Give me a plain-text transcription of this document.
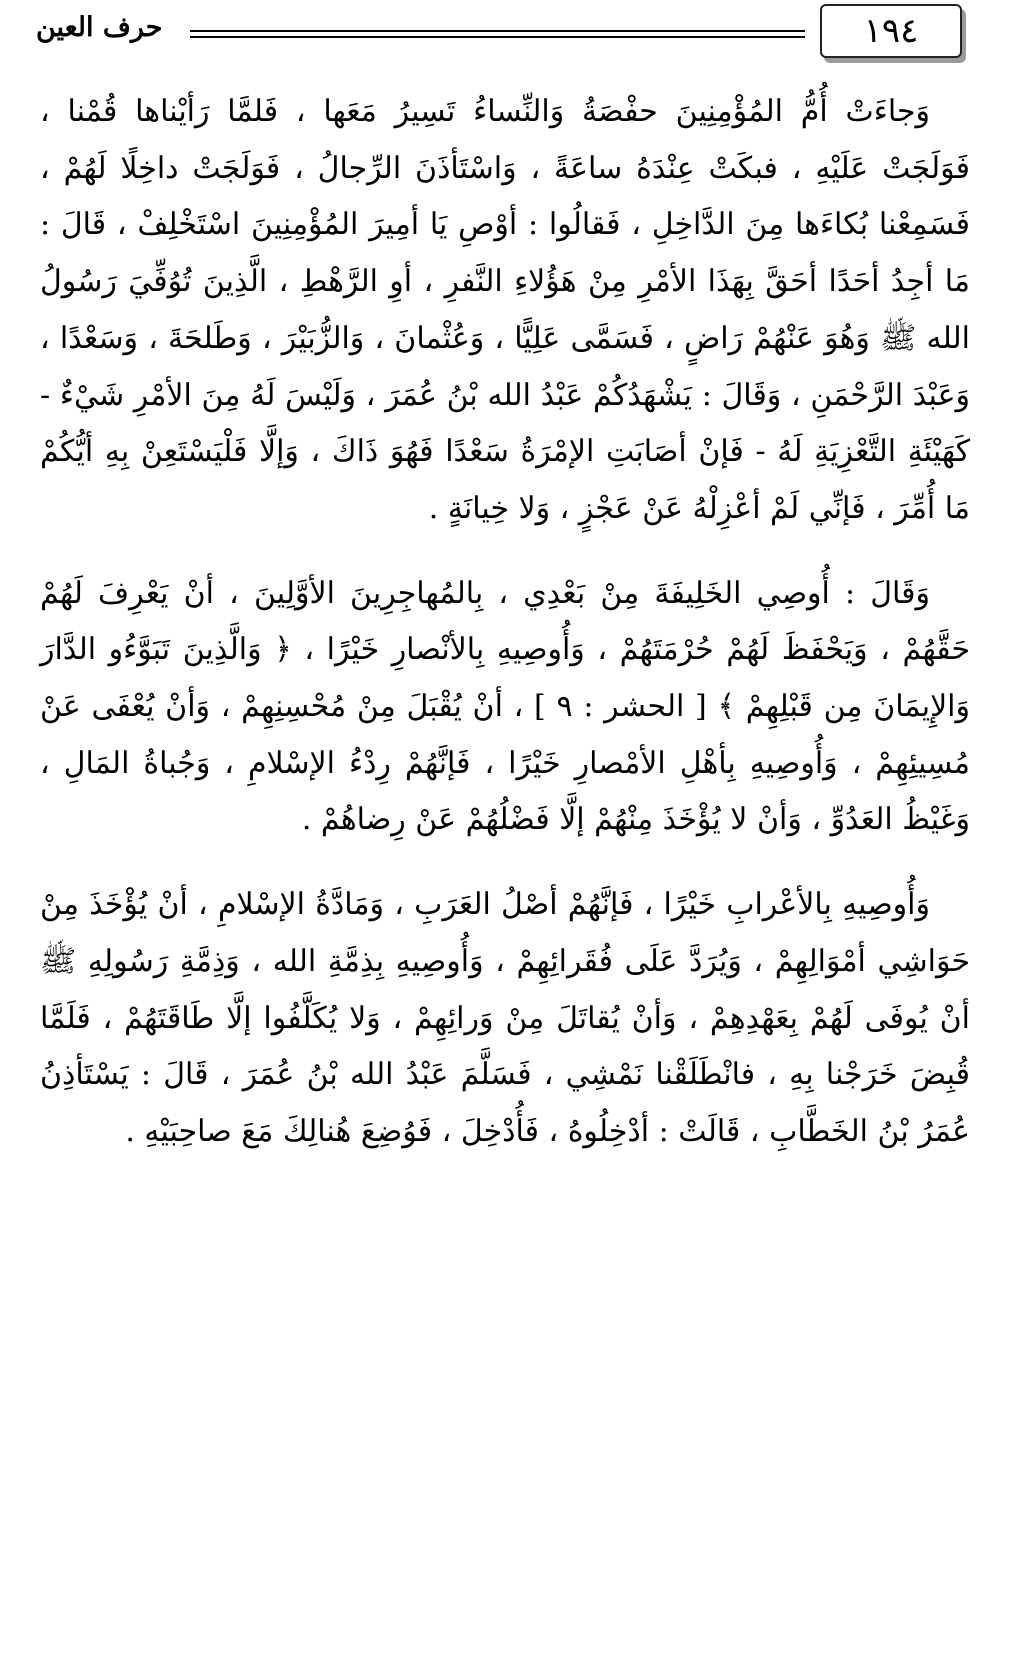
١٩٤
حرف العين

وَجاءَتْ أُمُّ المُؤْمِنِينَ حفْصَةُ وَالنِّساءُ تَسِيرُ مَعَها ، فَلمَّا رَأيْناها قُمْنا ، فَوَلَجَتْ عَلَيْهِ ، فبكَتْ عِنْدَهُ ساعَةً ، وَاسْتَأذَنَ الرِّجالُ ، فَوَلَجَتْ داخِلًا لَهُمْ ، فَسَمِعْنا بُكاءَها مِنَ الدَّاخِلِ ، فَقالُوا : أوْصِ يَا أمِيرَ المُؤْمِنِينَ اسْتَخْلِفْ ، قَالَ : مَا أجِدُ أحَدًا أحَقَّ بِهَذَا الأمْرِ مِنْ هَؤُلاءِ النَّفرِ ، أوِ الرَّهْطِ ، الَّذِينَ تُوُفِّيَ رَسُولُ الله ﷺ وَهُوَ عَنْهُمْ رَاضٍ ، فَسَمَّى عَلِيًّا ، وَعُثْمانَ ، وَالزُّبَيْرَ ، وَطَلحَةَ ، وَسَعْدًا ، وَعَبْدَ الرَّحْمَنِ ، وَقَالَ : يَشْهَدُكُمْ عَبْدُ الله بْنُ عُمَرَ ، وَلَيْسَ لَهُ مِنَ الأمْرِ شَيْءٌ - كَهَيْئَةِ التَّعْزِيَةِ لَهُ - فَإنْ أصَابَتِ الإمْرَةُ سَعْدًا فَهُوَ ذَاكَ ، وَإلَّا فَلْيَسْتَعِنْ بِهِ أيُّكُمْ مَا أُمِّرَ ، فَإنِّي لَمْ أعْزِلْهُ عَنْ عَجْزٍ ، وَلا خِيانَةٍ .

وَقَالَ : أُوصِي الخَلِيفَةَ مِنْ بَعْدِي ، بِالمُهاجِرِينَ الأوَّلِينَ ، أنْ يَعْرِفَ لَهُمْ حَقَّهُمْ ، وَيَحْفَظَ لَهُمْ حُرْمَتَهُمْ ، وَأُوصِيهِ بِالأنْصارِ خَيْرًا ، ﴿ وَالَّذِينَ تَبَوَّءُو الدَّارَ وَالإِيمَانَ مِن قَبْلِهِمْ ﴾ [ الحشر : ٩ ] ، أنْ يُقْبَلَ مِنْ مُحْسِنِهِمْ ، وَأنْ يُعْفَى عَنْ مُسِيئِهِمْ ، وَأُوصِيهِ بِأهْلِ الأمْصارِ خَيْرًا ، فَإنَّهُمْ رِدْءُ الإسْلامِ ، وَجُباةُ المَالِ ، وَغَيْظُ العَدُوِّ ، وَأنْ لا يُؤْخَذَ مِنْهُمْ إلَّا فَضْلُهُمْ عَنْ رِضاهُمْ .

وَأُوصِيهِ بِالأعْرابِ خَيْرًا ، فَإنَّهُمْ أصْلُ العَرَبِ ، وَمَادَّةُ الإسْلامِ ، أنْ يُؤْخَذَ مِنْ حَوَاشِي أمْوَالِهِمْ ، وَيُرَدَّ عَلَى فُقَرائِهِمْ ، وَأُوصِيهِ بِذِمَّةِ الله ، وَذِمَّةِ رَسُولِهِ ﷺ أنْ يُوفَى لَهُمْ بِعَهْدِهِمْ ، وَأنْ يُقاتَلَ مِنْ وَرائِهِمْ ، وَلا يُكَلَّفُوا إلَّا طَاقَتَهُمْ ، فَلَمَّا قُبِضَ خَرَجْنا بِهِ ، فانْطَلَقْنا نَمْشِي ، فَسَلَّمَ عَبْدُ الله بْنُ عُمَرَ ، قَالَ : يَسْتَأذِنُ عُمَرُ بْنُ الخَطَّابِ ، قَالَتْ : أدْخِلُوهُ ، فَأُدْخِلَ ، فَوُضِعَ هُنالِكَ مَعَ صاحِبَيْهِ .
